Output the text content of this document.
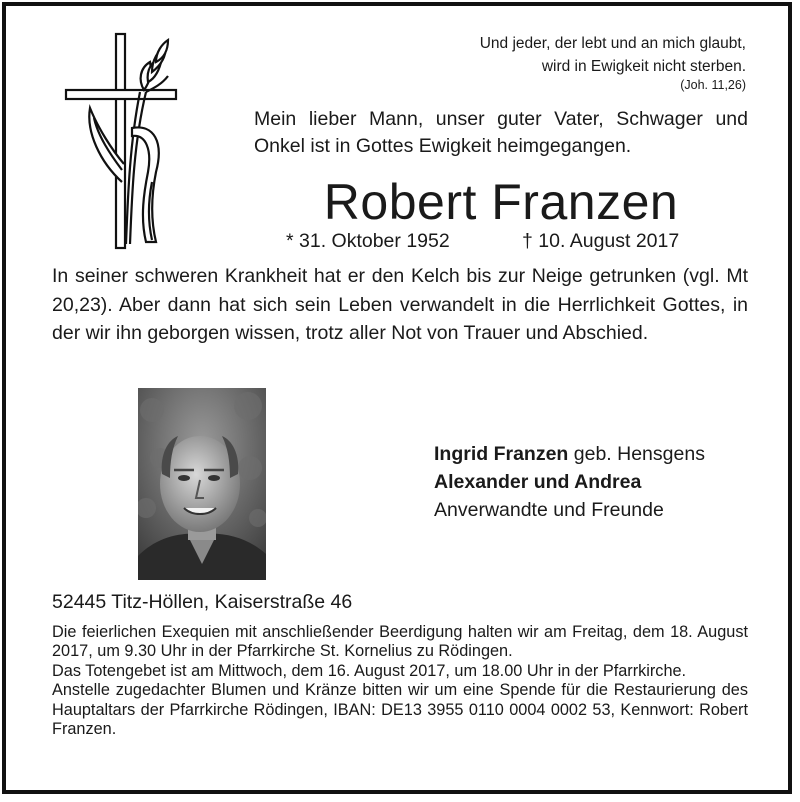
Und jeder, der lebt und an mich glaubt,
wird in Ewigkeit nicht sterben.
(Joh. 11,26)
Mein lieber Mann, unser guter Vater, Schwager und Onkel ist in Gottes Ewigkeit heimgegangen.
Robert Franzen
* 31. Oktober 1952	† 10. August 2017
In seiner schweren Krankheit hat er den Kelch bis zur Neige getrunken (vgl. Mt 20,23). Aber dann hat sich sein Leben verwandelt in die Herrlichkeit Gottes, in der wir ihn geborgen wissen, trotz aller Not von Trauer und Abschied.
Ingrid Franzen geb. Hensgens
Alexander und Andrea
Anverwandte und Freunde
52445 Titz-Höllen, Kaiserstraße 46

Die feierlichen Exequien mit anschließender Beerdigung halten wir am Freitag, dem 18. August 2017, um 9.30 Uhr in der Pfarrkirche St. Kornelius zu Rödingen.

Das Totengebet ist am Mittwoch, dem 16. August 2017, um 18.00 Uhr in der Pfarrkirche.

Anstelle zugedachter Blumen und Kränze bitten wir um eine Spende für die Restaurierung des Hauptaltars der Pfarrkirche Rödingen, IBAN: DE13 3955 0110 0004 0002 53, Kennwort: Robert Franzen.
